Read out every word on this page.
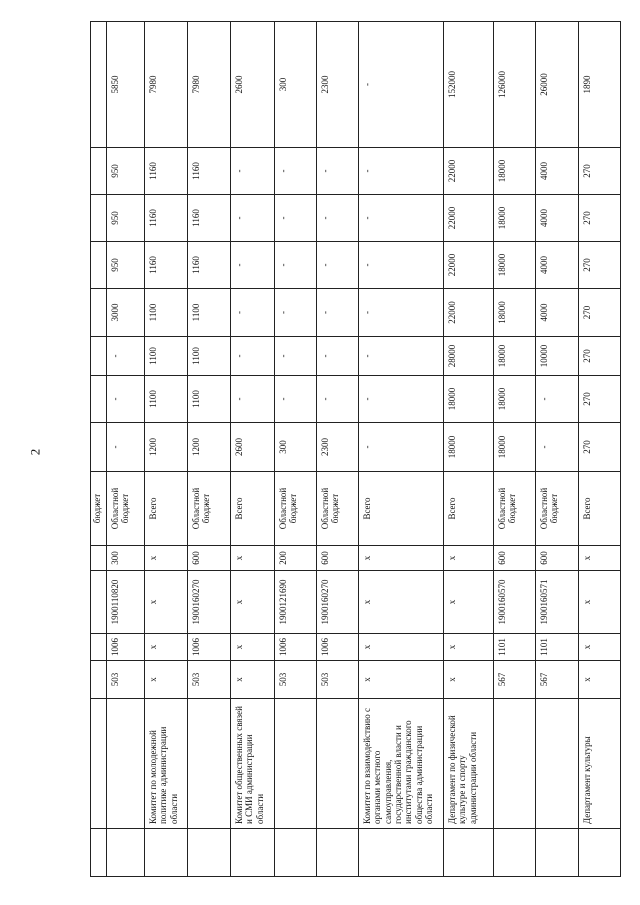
2
						бюджет								
		503	1006	1900110820	300	Областной бюджет	-	-	-	3000	950	950	950	5850
	Комитет по молодежной политике администрации области	x	x	x	x	Всего	1200	1100	1100	1100	1160	1160	1160	7980
		503	1006	1900160270	600	Областной бюджет	1200	1100	1100	1100	1160	1160	1160	7980
	Комитет общественных связей и СМИ администрации области	x	x	x	x	Всего	2600	-	-	-	-	-	-	2600
		503	1006	1900121690	200	Областной бюджет	300	-	-	-	-	-	-	300
		503	1006	1900160270	600	Областной бюджет	2300	-	-	-	-	-	-	2300
	Комитет по взаимодействию с органами местного самоуправления, государственной власти и институтами гражданского общества администрации области	x	x	x	x	Всего	-	-	-	-	-	-	-	-
	Департамент по физической культуре и спорту администрации области	x	x	x	x	Всего	18000	18000	28000	22000	22000	22000	22000	152000
		567	1101	1900160570	600	Областной бюджет	18000	18000	18000	18000	18000	18000	18000	126000
		567	1101	1900160571	600	Областной бюджет	-	-	10000	4000	4000	4000	4000	26000
	Департамент культуры	x	x	x	x	Всего	270	270	270	270	270	270	270	1890
